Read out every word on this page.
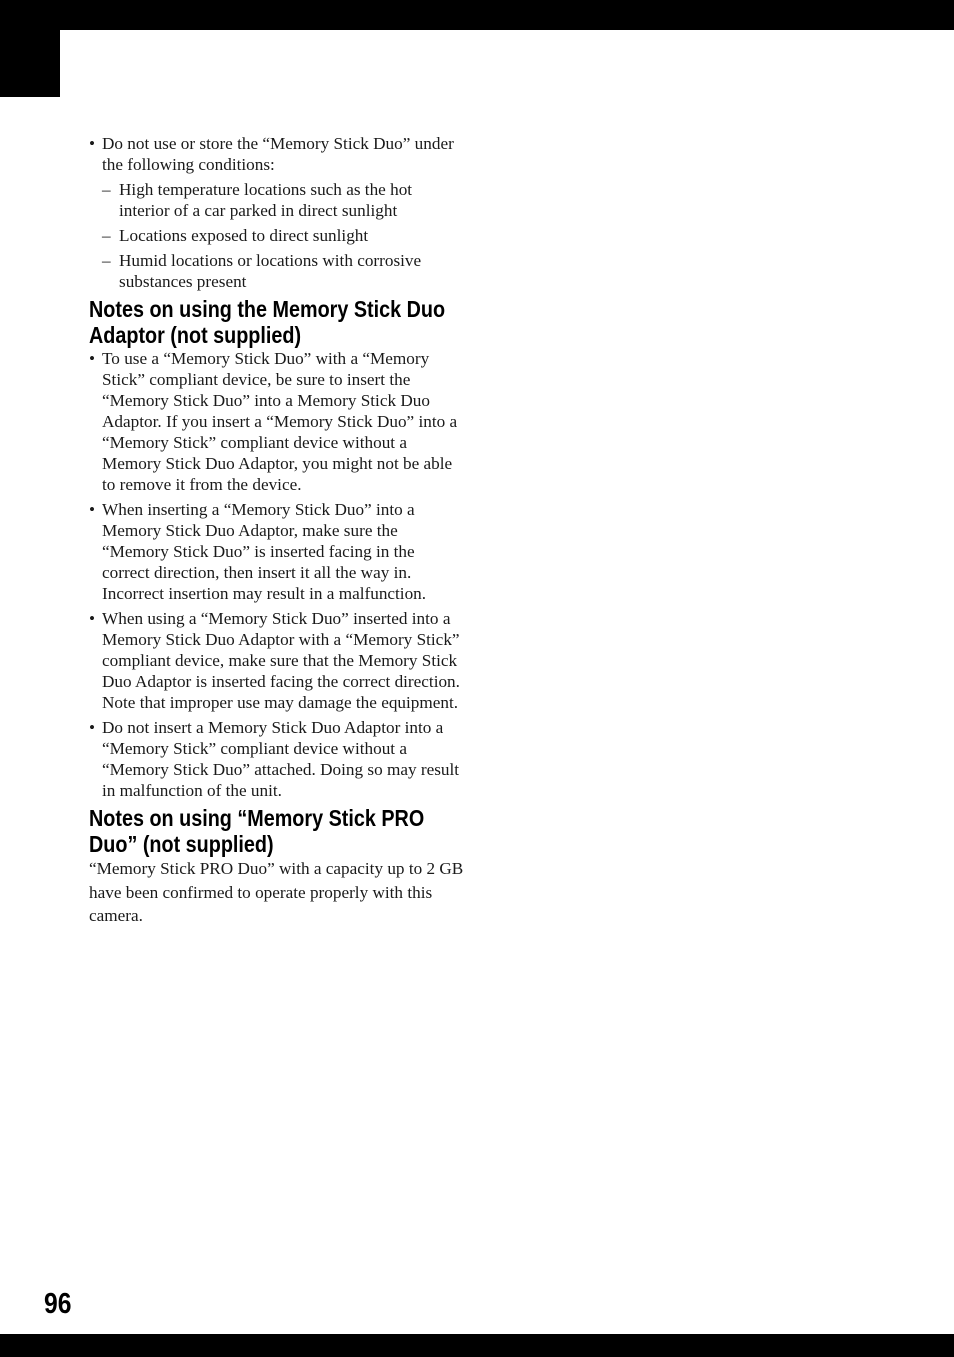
• Do not use or store the “Memory Stick Duo” under the following conditions:
– High temperature locations such as the hot interior of a car parked in direct sunlight
– Locations exposed to direct sunlight
– Humid locations or locations with corrosive substances present
Notes on using the Memory Stick Duo Adaptor (not supplied)
• To use a “Memory Stick Duo” with a “Memory Stick” compliant device, be sure to insert the “Memory Stick Duo” into a Memory Stick Duo Adaptor. If you insert a “Memory Stick Duo” into a “Memory Stick” compliant device without a Memory Stick Duo Adaptor, you might not be able to remove it from the device.
• When inserting a “Memory Stick Duo” into a Memory Stick Duo Adaptor, make sure the “Memory Stick Duo” is inserted facing in the correct direction, then insert it all the way in. Incorrect insertion may result in a malfunction.
• When using a “Memory Stick Duo” inserted into a Memory Stick Duo Adaptor with a “Memory Stick” compliant device, make sure that the Memory Stick Duo Adaptor is inserted facing the correct direction. Note that improper use may damage the equipment.
• Do not insert a Memory Stick Duo Adaptor into a “Memory Stick” compliant device without a “Memory Stick Duo” attached. Doing so may result in malfunction of the unit.
Notes on using “Memory Stick PRO Duo” (not supplied)

“Memory Stick PRO Duo” with a capacity up to 2 GB have been confirmed to operate properly with this camera.

96
